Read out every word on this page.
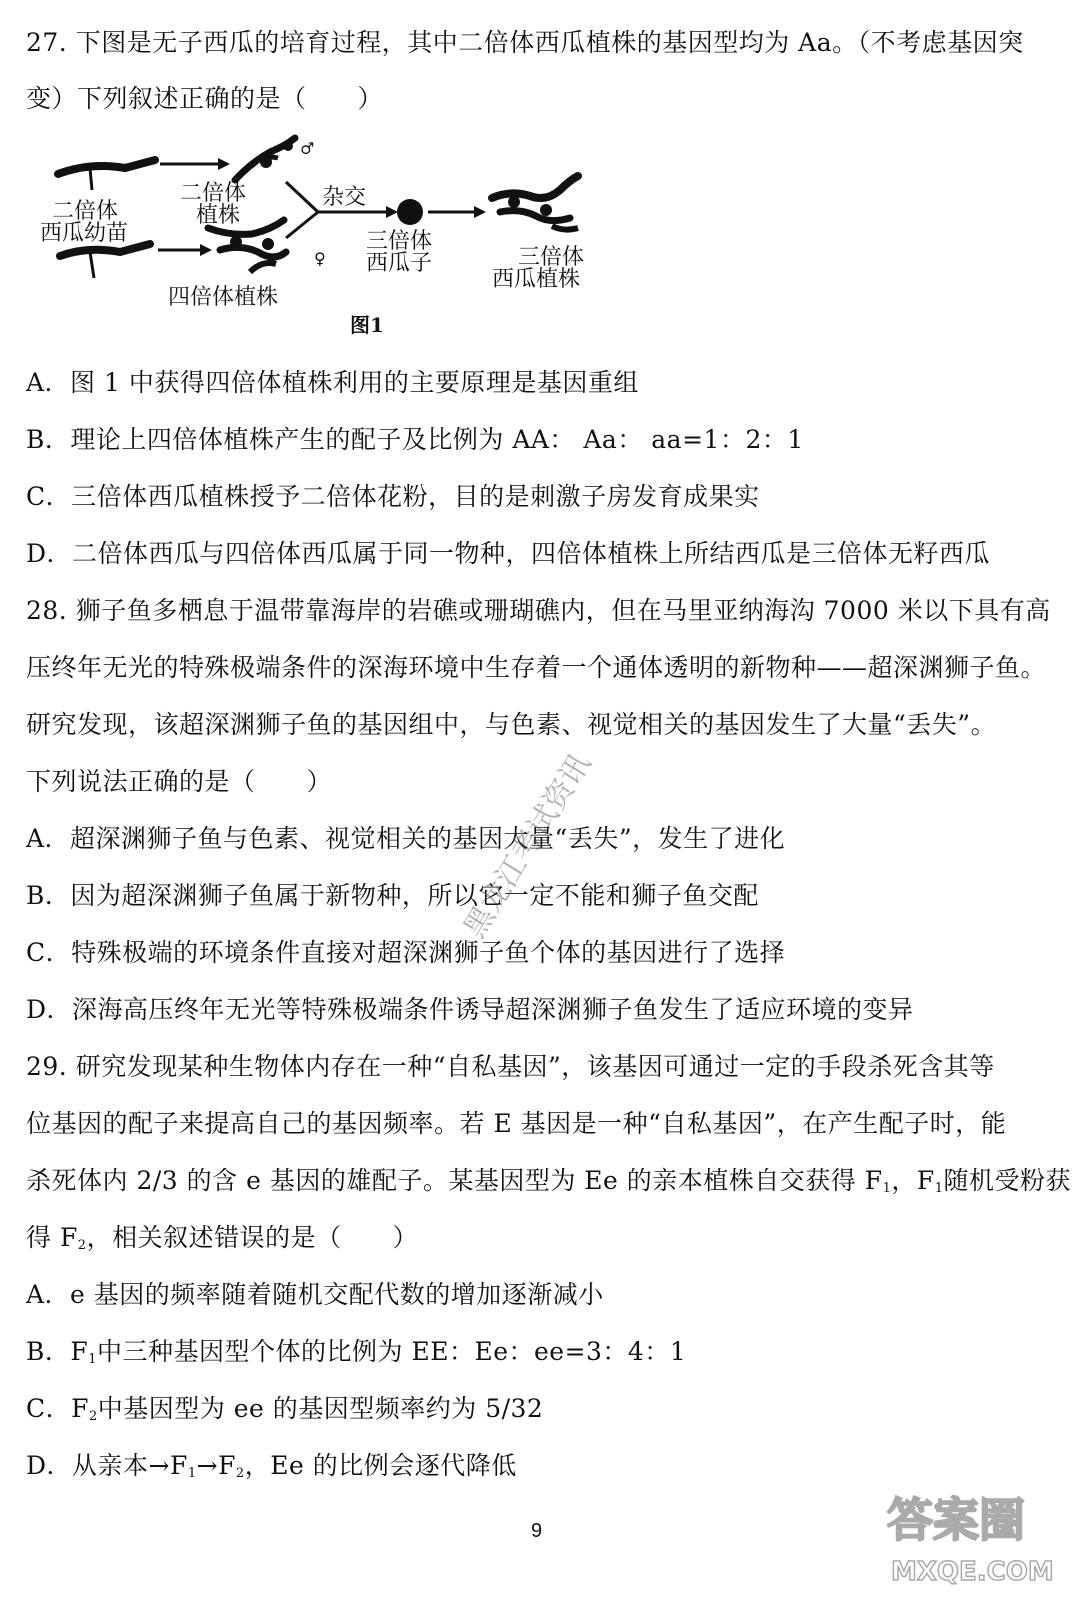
27. 下图是无子西瓜的培育过程，其中二倍体西瓜植株的基因型均为 Aa。（不考虑基因突
变）下列叙述正确的是（　　）
二倍体
西瓜幼苗
♂
二倍体
植株
♀
四倍体植株
杂交
三倍体
西瓜子	三倍体
西瓜植株
图1
A．图 1 中获得四倍体植株利用的主要原理是基因重组
B．理论上四倍体植株产生的配子及比例为 AA： Aa： aa=1：2：1
C．三倍体西瓜植株授予二倍体花粉，目的是刺激子房发育成果实
D．二倍体西瓜与四倍体西瓜属于同一物种，四倍体植株上所结西瓜是三倍体无籽西瓜
28. 狮子鱼多栖息于温带靠海岸的岩礁或珊瑚礁内，但在马里亚纳海沟 7000 米以下具有高
压终年无光的特殊极端条件的深海环境中生存着一个通体透明的新物种——超深渊狮子鱼。
研究发现，该超深渊狮子鱼的基因组中，与色素、视觉相关的基因发生了大量“丢失”。
下列说法正确的是（　　）
A．超深渊狮子鱼与色素、视觉相关的基因大量“丢失”，发生了进化
B．因为超深渊狮子鱼属于新物种，所以它一定不能和狮子鱼交配
C．特殊极端的环境条件直接对超深渊狮子鱼个体的基因进行了选择
D．深海高压终年无光等特殊极端条件诱导超深渊狮子鱼发生了适应环境的变异
29. 研究发现某种生物体内存在一种“自私基因”，该基因可通过一定的手段杀死含其等
位基因的配子来提高自己的基因频率。若 E 基因是一种“自私基因”，在产生配子时，能
杀死体内 2/3 的含 e 基因的雄配子。某基因型为 Ee 的亲本植株自交获得 $F_1$，$F_1$随机受粉获
得 $F_2$，相关叙述错误的是（　　）
A．e 基因的频率随着随机交配代数的增加逐渐减小
B．$F_1$中三种基因型个体的比例为 EE：Ee：ee=3：4：1
C．$F_2$中基因型为 ee 的基因型频率约为 5/32
D．从亲本$\to F_1\to F_2$，Ee 的比例会逐代降低
黑龙江考试资讯
9	答案圈
MXQE.COM
